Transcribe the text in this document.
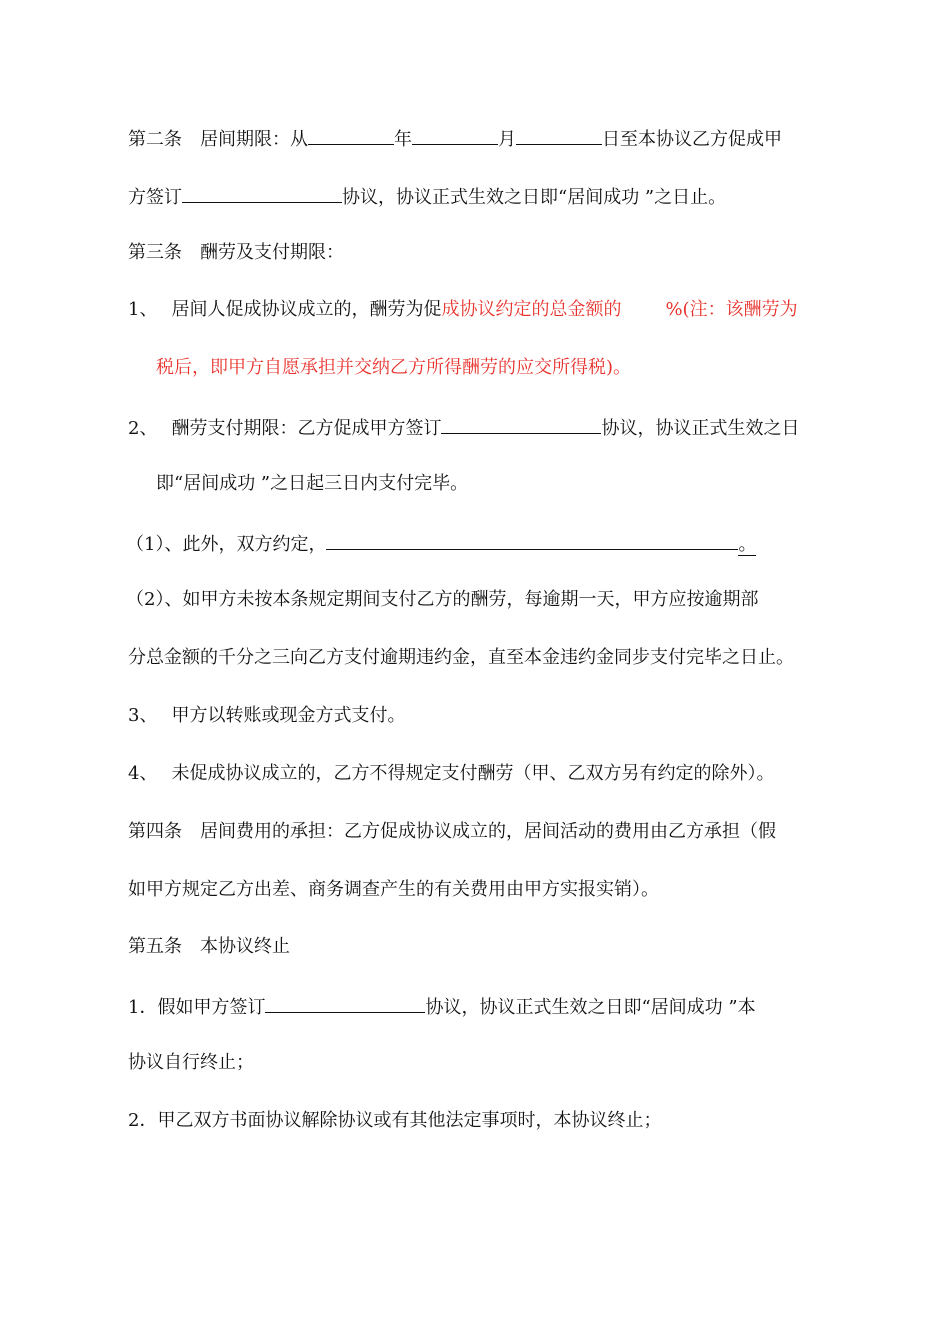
第二条　居间期限：从	年	月	日至本协议乙方促成甲
方签订	协议，协议正式生效之日即“居间成功 ”之日止。
第三条　酬劳及支付期限：
1、 居间人促成协议成立的，酬劳为促成协议约定的总金额的 %(注：该酬劳为
税后，即甲方自愿承担并交纳乙方所得酬劳的应交所得税)。
2、 酬劳支付期限：乙方促成甲方签订	协议，协议正式生效之日
即“居间成功 ”之日起三日内支付完毕。
（1）、此外，双方约定，	。
（2）、如甲方未按本条规定期间支付乙方的酬劳，每逾期一天，甲方应按逾期部
分总金额的千分之三向乙方支付逾期违约金，直至本金违约金同步支付完毕之日止。
3、 甲方以转账或现金方式支付。
4、 未促成协议成立的，乙方不得规定支付酬劳（甲、乙双方另有约定的除外）。
第四条　居间费用的承担：乙方促成协议成立的，居间活动的费用由乙方承担（假
如甲方规定乙方出差、商务调查产生的有关费用由甲方实报实销）。
第五条　本协议终止
1．假如甲方签订	协议，协议正式生效之日即“居间成功 ”本
协议自行终止；
2．甲乙双方书面协议解除协议或有其他法定事项时，本协议终止；
